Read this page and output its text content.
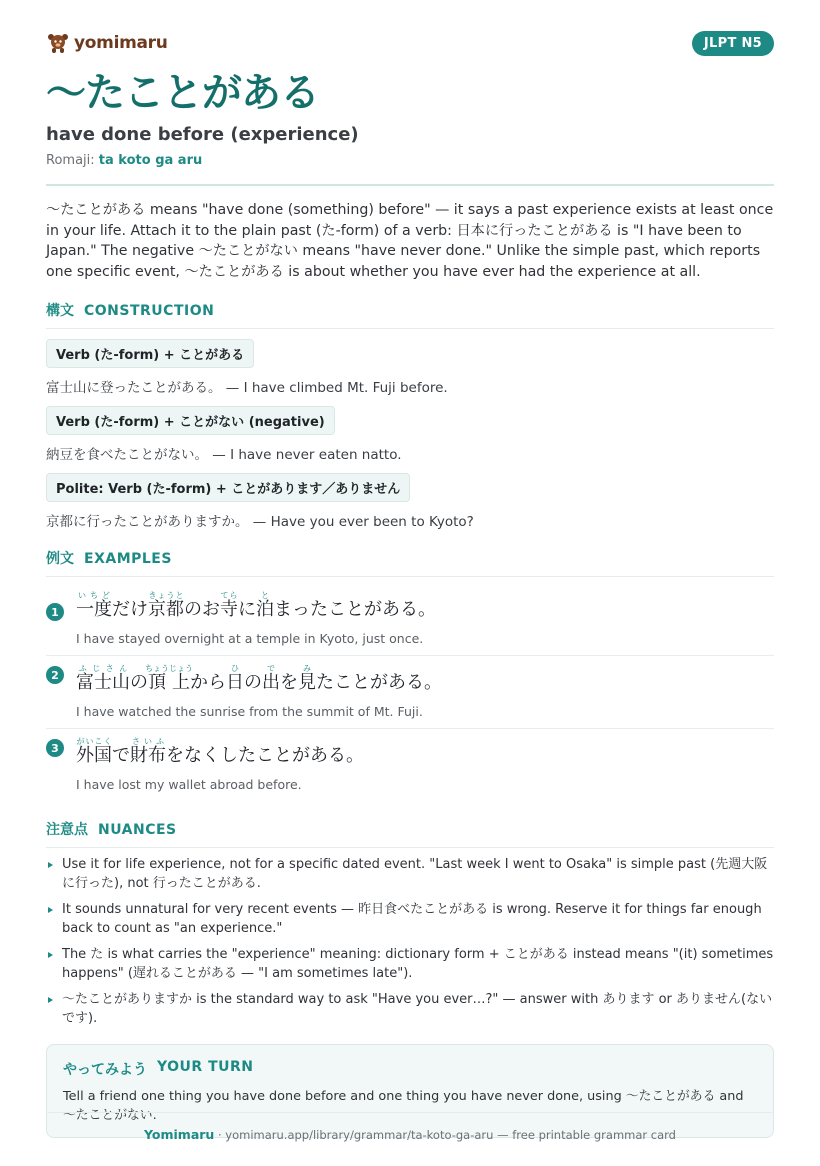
yomimaru	JLPT N5
〜たことがある
have done before (experience)
Romaji: ta koto ga aru

〜たことがある means "have done (something) before" — it says a past experience exists at least once in your life. Attach it to the plain past (た-form) of a verb: 日本に行ったことがある is "I have been to Japan." The negative 〜たことがない means "have never done." Unlike the simple past, which reports one specific event, 〜たことがある is about whether you have ever had the experience at all.

構文 CONSTRUCTION
Verb (た-form) + ことがある
富士山に登ったことがある。 — I have climbed Mt. Fuji before.
Verb (た-form) + ことがない (negative)
納豆を食べたことがない。 — I have never eaten natto.
Polite: Verb (た-form) + ことがあります／ありません
京都に行ったことがありますか。 — Have you ever been to Kyoto?
例文 EXAMPLES
1 一度いちどだけ京都きょうとのお寺てらに泊とまったことがある。
I have stayed overnight at a temple in Kyoto, just once.
2 富士山ふじさんの頂上ちょうじょうから日ひの出でを見みたことがある。
I have watched the sunrise from the summit of Mt. Fuji.
3 外国がいこくで財布さいふをなくしたことがある。
I have lost my wallet abroad before.
注意点 NUANCES
Use it for life experience, not for a specific dated event. "Last week I went to Osaka" is simple past (先週大阪に行った), not 行ったことがある.
It sounds unnatural for very recent events — 昨日食べたことがある is wrong. Reserve it for things far enough back to count as "an experience."
The た is what carries the "experience" meaning: dictionary form + ことがある instead means "(it) sometimes happens" (遅れることがある — "I am sometimes late").
〜たことがありますか is the standard way to ask "Have you ever…?" — answer with あります or ありません(ないです).
やってみよう YOUR TURN
Tell a friend one thing you have done before and one thing you have never done, using 〜たことがある and 〜たことがない.
Yomimaru · yomimaru.app/library/grammar/ta-koto-ga-aru — free printable grammar card
